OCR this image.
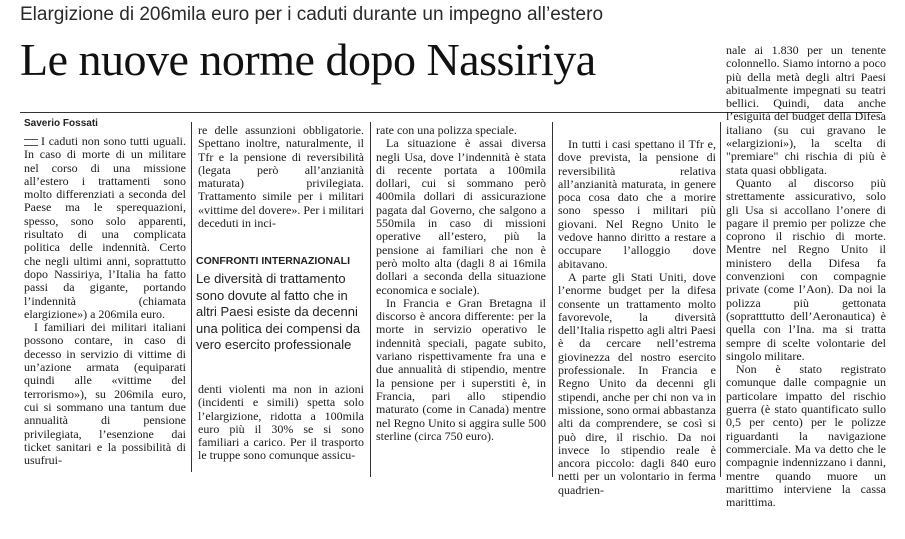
Elargizione di 206mila euro per i caduti durante un impegno all’estero
Le nuove norme dopo Nassiriya
Saverio Fossati

I caduti non sono tutti uguali. In caso di morte di un militare nel corso di una missione all’estero i trattamenti sono molto differenziati a seconda del Paese ma le sperequazioni, spesso, sono solo apparenti, risultato di una complicata politica delle indennità. Certo che negli ultimi anni, soprattutto dopo Nassiriya, l’Italia ha fatto passi da gigante, portando l’indennità (chiamata elargizione») a 206mila euro.

I familiari dei militari italiani possono contare, in caso di decesso in servizio di vittime di un’azione armata (equiparati quindi alle «vittime del terrorismo»), su 206mila euro, cui si sommano una tantum due annualità di pensione privilegiata, l’esenzione dai ticket sanitari e la possibilità di usufrui-

re delle assunzioni obbligatorie. Spettano inoltre, naturalmente, il Tfr e la pensione di reversibilità (legata però all’anzianità maturata) privilegiata. Trattamento simile per i militari «vittime del dovere». Per i militari deceduti in inci-

CONFRONTI INTERNAZIONALI

Le diversità di trattamento sono dovute al fatto che in altri Paesi esiste da decenni una politica dei compensi da vero esercito professionale

denti violenti ma non in azioni (incidenti e simili) spetta solo l’elargizione, ridotta a 100mila euro più il 30% se si sono familiari a carico. Per il trasporto le truppe sono comunque assicu-

rate con una polizza speciale.

La situazione è assai diversa negli Usa, dove l’indennità è stata di recente portata a 100mila dollari, cui si sommano però 400mila dollari di assicurazione pagata dal Governo, che salgono a 550mila in caso di missioni operative all’estero, più la pensione ai familiari che non è però molto alta (dagli 8 ai 16mila dollari a seconda della situazione economica e sociale).

In Francia e Gran Bretagna il discorso è ancora differente: per la morte in servizio operativo le indennità speciali, pagate subito, variano rispettivamente fra una e due annualità di stipendio, mentre la pensione per i superstiti è, in Francia, pari allo stipendio maturato (come in Canada) mentre nel Regno Unito si aggira sulle 500 sterline (circa 750 euro).

In tutti i casi spettano il Tfr e, dove prevista, la pensione di reversibilità relativa all’anzianità maturata, in genere poca cosa dato che a morire sono spesso i militari più giovani. Nel Regno Unito le vedove hanno diritto a restare a occupare l’alloggio dove abitavano.

A parte gli Stati Uniti, dove l’enorme budget per la difesa consente un trattamento molto favorevole, la diversità dell’Italia rispetto agli altri Paesi è da cercare nell’estrema giovinezza del nostro esercito professionale. In Francia e Regno Unito da decenni gli stipendi, anche per chi non va in missione, sono ormai abbastanza alti da comprendere, se così si può dire, il rischio. Da noi invece lo stipendio reale è ancora piccolo: dagli 840 euro netti per un volontario in ferma quadrien-

nale ai 1.830 per un tenente colonnello. Siamo intorno a poco più della metà degli altri Paesi abitualmente impegnati su teatri bellici. Quindi, data anche l’esiguità del budget della Difesa italiano (su cui gravano le «elargizioni»), la scelta di "premiare" chi rischia di più è stata quasi obbligata.

Quanto al discorso più strettamente assicurativo, solo gli Usa si accollano l’onere di pagare il premio per polizze che coprono il rischio di morte. Mentre nel Regno Unito il ministero della Difesa fa convenzioni con compagnie private (come l’Aon). Da noi la polizza più gettonata (sopratttutto dell’Aeronautica) è quella con l’Ina. ma si tratta sempre di scelte volontarie del singolo militare.

Non è stato registrato comunque dalle compagnie un particolare impatto del rischio guerra (è stato quantificato sullo 0,5 per cento) per le polizze riguardanti la navigazione commerciale. Ma va detto che le compagnie indennizzano i danni, mentre quando muore un marittimo interviene la cassa marittima.
